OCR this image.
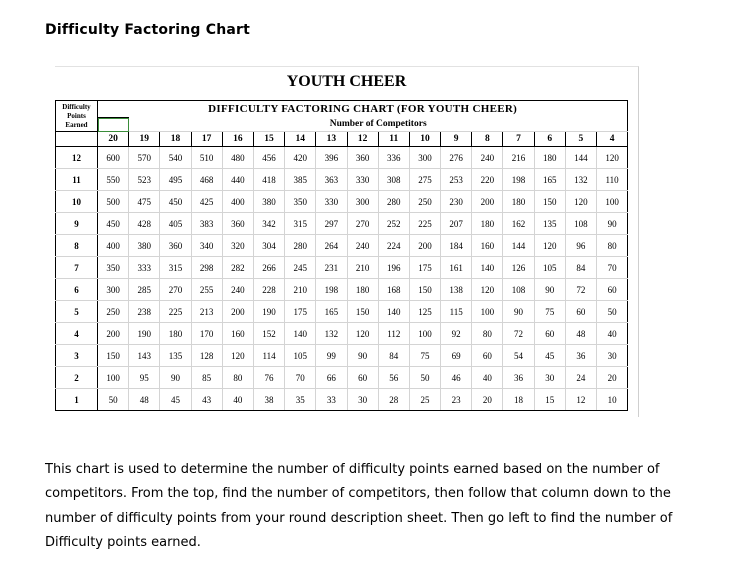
Difficulty Factoring Chart
YOUTH CHEER
Difficulty Points Earned	DIFFICULTY FACTORING CHART (FOR YOUTH CHEER)																
		Number of Competitors															
	20	19	18	17	16	15	14	13	12	11	10	9	8	7	6	5	4
12	600	570	540	510	480	456	420	396	360	336	300	276	240	216	180	144	120
11	550	523	495	468	440	418	385	363	330	308	275	253	220	198	165	132	110
10	500	475	450	425	400	380	350	330	300	280	250	230	200	180	150	120	100
9	450	428	405	383	360	342	315	297	270	252	225	207	180	162	135	108	90
8	400	380	360	340	320	304	280	264	240	224	200	184	160	144	120	96	80
7	350	333	315	298	282	266	245	231	210	196	175	161	140	126	105	84	70
6	300	285	270	255	240	228	210	198	180	168	150	138	120	108	90	72	60
5	250	238	225	213	200	190	175	165	150	140	125	115	100	90	75	60	50
4	200	190	180	170	160	152	140	132	120	112	100	92	80	72	60	48	40
3	150	143	135	128	120	114	105	99	90	84	75	69	60	54	45	36	30
2	100	95	90	85	80	76	70	66	60	56	50	46	40	36	30	24	20
1	50	48	45	43	40	38	35	33	30	28	25	23	20	18	15	12	10
This chart is used to determine the number of difficulty points earned based on the number of competitors. From the top, find the number of competitors, then follow that column down to the number of difficulty points from your round description sheet. Then go left to find the number of Difficulty points earned.
